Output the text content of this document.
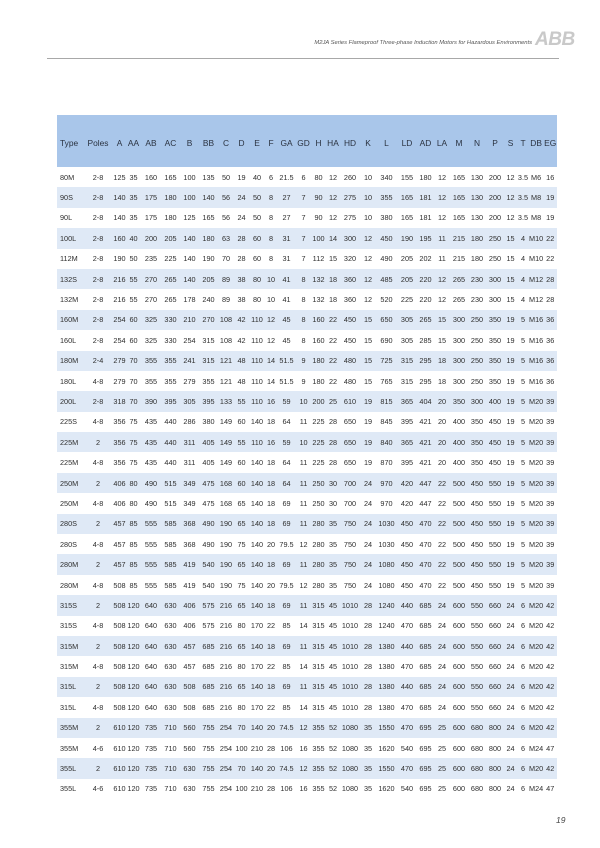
M2JA Series Flameproof Three-phase Induction Motors for Hazardous Environments ABB
Type	Poles	A	AA	AB	AC	B	BB	C	D	E	F	GA	GD	H	HA	HD	K	L	LD	AD	LA	M	N	P	S	T	DB	EG
80M	2-8	125	35	160	165	100	135	50	19	40	6	21.5	6	80	12	260	10	340	155	180	12	165	130	200	12	3.5	M6	16
90S	2-8	140	35	175	180	100	140	56	24	50	8	27	7	90	12	275	10	355	165	181	12	165	130	200	12	3.5	M8	19
90L	2-8	140	35	175	180	125	165	56	24	50	8	27	7	90	12	275	10	380	165	181	12	165	130	200	12	3.5	M8	19
100L	2-8	160	40	200	205	140	180	63	28	60	8	31	7	100	14	300	12	450	190	195	11	215	180	250	15	4	M10	22
112M	2-8	190	50	235	225	140	190	70	28	60	8	31	7	112	15	320	12	490	205	202	11	215	180	250	15	4	M10	22
132S	2-8	216	55	270	265	140	205	89	38	80	10	41	8	132	18	360	12	485	205	220	12	265	230	300	15	4	M12	28
132M	2-8	216	55	270	265	178	240	89	38	80	10	41	8	132	18	360	12	520	225	220	12	265	230	300	15	4	M12	28
160M	2-8	254	60	325	330	210	270	108	42	110	12	45	8	160	22	450	15	650	305	265	15	300	250	350	19	5	M16	36
160L	2-8	254	60	325	330	254	315	108	42	110	12	45	8	160	22	450	15	690	305	285	15	300	250	350	19	5	M16	36
180M	2-4	279	70	355	355	241	315	121	48	110	14	51.5	9	180	22	480	15	725	315	295	18	300	250	350	19	5	M16	36
180L	4-8	279	70	355	355	279	355	121	48	110	14	51.5	9	180	22	480	15	765	315	295	18	300	250	350	19	5	M16	36
200L	2-8	318	70	390	395	305	395	133	55	110	16	59	10	200	25	610	19	815	365	404	20	350	300	400	19	5	M20	39
225S	4-8	356	75	435	440	286	380	149	60	140	18	64	11	225	28	650	19	845	395	421	20	400	350	450	19	5	M20	39
225M	2	356	75	435	440	311	405	149	55	110	16	59	10	225	28	650	19	840	365	421	20	400	350	450	19	5	M20	39
225M	4-8	356	75	435	440	311	405	149	60	140	18	64	11	225	28	650	19	870	395	421	20	400	350	450	19	5	M20	39
250M	2	406	80	490	515	349	475	168	60	140	18	64	11	250	30	700	24	970	420	447	22	500	450	550	19	5	M20	39
250M	4-8	406	80	490	515	349	475	168	65	140	18	69	11	250	30	700	24	970	420	447	22	500	450	550	19	5	M20	39
280S	2	457	85	555	585	368	490	190	65	140	18	69	11	280	35	750	24	1030	450	470	22	500	450	550	19	5	M20	39
280S	4-8	457	85	555	585	368	490	190	75	140	20	79.5	12	280	35	750	24	1030	450	470	22	500	450	550	19	5	M20	39
280M	2	457	85	555	585	419	540	190	65	140	18	69	11	280	35	750	24	1080	450	470	22	500	450	550	19	5	M20	39
280M	4-8	508	85	555	585	419	540	190	75	140	20	79.5	12	280	35	750	24	1080	450	470	22	500	450	550	19	5	M20	39
315S	2	508	120	640	630	406	575	216	65	140	18	69	11	315	45	1010	28	1240	440	685	24	600	550	660	24	6	M20	42
315S	4-8	508	120	640	630	406	575	216	80	170	22	85	14	315	45	1010	28	1240	470	685	24	600	550	660	24	6	M20	42
315M	2	508	120	640	630	457	685	216	65	140	18	69	11	315	45	1010	28	1380	440	685	24	600	550	660	24	6	M20	42
315M	4-8	508	120	640	630	457	685	216	80	170	22	85	14	315	45	1010	28	1380	470	685	24	600	550	660	24	6	M20	42
315L	2	508	120	640	630	508	685	216	65	140	18	69	11	315	45	1010	28	1380	440	685	24	600	550	660	24	6	M20	42
315L	4-8	508	120	640	630	508	685	216	80	170	22	85	14	315	45	1010	28	1380	470	685	24	600	550	660	24	6	M20	42
355M	2	610	120	735	710	560	755	254	70	140	20	74.5	12	355	52	1080	35	1550	470	695	25	600	680	800	24	6	M20	42
355M	4-6	610	120	735	710	560	755	254	100	210	28	106	16	355	52	1080	35	1620	540	695	25	600	680	800	24	6	M24	47
355L	2	610	120	735	710	630	755	254	70	140	20	74.5	12	355	52	1080	35	1550	470	695	25	600	680	800	24	6	M20	42
355L	4-6	610	120	735	710	630	755	254	100	210	28	106	16	355	52	1080	35	1620	540	695	25	600	680	800	24	6	M24	47
19
